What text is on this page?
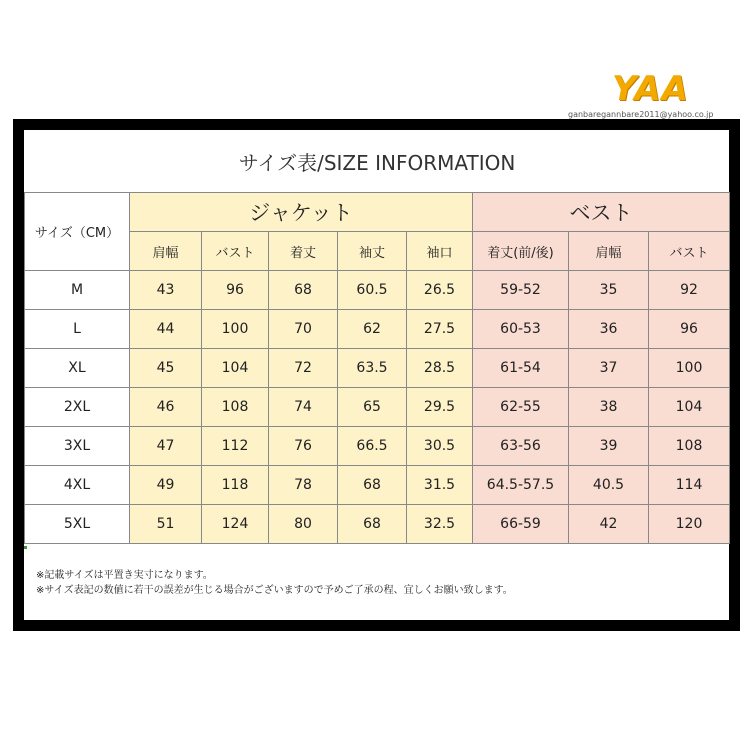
YAA
ganbaregannbare2011@yahoo.co.jp
サイズ表/SIZE INFORMATION								
サイズ（CM）	ジャケット					ベスト		
	肩幅	バスト	着丈	袖丈	袖口	着丈(前/後)	肩幅	バスト
M	43	96	68	60.5	26.5	59-52	35	92
L	44	100	70	62	27.5	60-53	36	96
XL	45	104	72	63.5	28.5	61-54	37	100
2XL	46	108	74	65	29.5	62-55	38	104
3XL	47	112	76	66.5	30.5	63-56	39	108
4XL	49	118	78	68	31.5	64.5-57.5	40.5	114
5XL	51	124	80	68	32.5	66-59	42	120
※記載サイズは平置き実寸になります。
※サイズ表記の数値に若干の誤差が生じる場合がございますので予めご了承の程、宜しくお願い致します。
